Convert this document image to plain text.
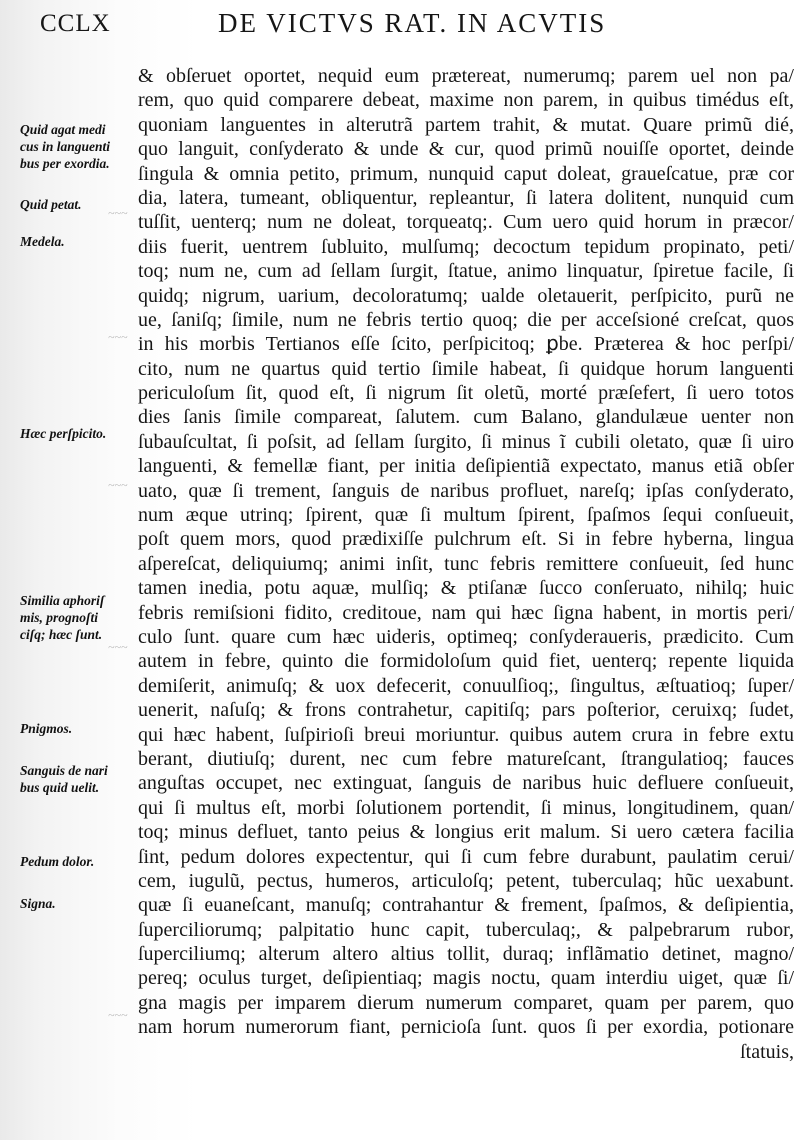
CCLX	DE VICTVS RAT. IN ACVTIS
~~~
~~~
~~~
~~~
~~~
Quid agat medi
cus in languenti
bus per exordia.
Quid petat.
Medela.
Hæc perſpicito.
Similia aphoriſ
mis, prognoſti
ciſq; hæc ſunt.
Pnigmos.
Sanguis de nari
bus quid uelit.
Pedum dolor.
Signa.
& obſeruet oportet, nequid eum prætereat, numerumq; parem uel non pa/
rem, quo quid comparere debeat, maxime non parem, in quibus timédus eſt,
quoniam languentes in alterutrã partem trahit, & mutat. Quare primũ dié,
quo languit, conſyderato & unde & cur, quod primũ nouiſſe oportet, deinde
ſingula & omnia petito, primum, nunquid caput doleat, graueſcatue, præ cor
dia, latera, tumeant, obliquentur, repleantur, ſi latera dolitent, nunquid cum
tuſſit, uenterq; num ne doleat, torqueatq;. Cum uero quid horum in præcor/
diis fuerit, uentrem ſubluito, mulſumq; decoctum tepidum propinato, peti/
toq; num ne, cum ad ſellam ſurgit, ſtatue, animo linquatur, ſpiretue facile, ſi
quidq; nigrum, uarium, decoloratumq; ualde oletauerit, perſpicito, purũ ne
ue, ſaniſq; ſimile, num ne febris tertio quoq; die per acceſsioné creſcat, quos
in his morbis Tertianos eſſe ſcito, perſpicitoq; ꝑbe. Præterea & hoc perſpi/
cito, num ne quartus quid tertio ſimile habeat, ſi quidque horum languenti
periculoſum ſit, quod eſt, ſi nigrum ſit oletũ, morté præſefert, ſi uero totos
dies ſanis ſimile compareat, ſalutem. cum Balano, glandulæue uenter non
ſubauſcultat, ſi poſsit, ad ſellam ſurgito, ſi minus ĩ cubili oletato, quæ ſi uiro
languenti, & femellæ fiant, per initia deſipientiã expectato, manus etiã obſer
uato, quæ ſi trement, ſanguis de naribus profluet, nareſq; ipſas conſyderato,
num æque utrinq; ſpirent, quæ ſi multum ſpirent, ſpaſmos ſequi conſueuit,
poſt quem mors, quod prædixiſſe pulchrum eſt. Si in febre hyberna, lingua
aſpereſcat, deliquiumq; animi inſit, tunc febris remittere conſueuit, ſed hunc
tamen inedia, potu aquæ, mulſiq; & ptiſanæ ſucco conſeruato, nihilq; huic
febris remiſsioni fidito, creditoue, nam qui hæc ſigna habent, in mortis peri/
culo ſunt. quare cum hæc uideris, optimeq; conſyderaueris, prædicito. Cum
autem in febre, quinto die formidoloſum quid fiet, uenterq; repente liquida
demiſerit, animuſq; & uox defecerit, conuulſioq;, ſingultus, æſtuatioq; ſuper/
uenerit, naſuſq; & frons contrahetur, capitiſq; pars poſterior, ceruixq; ſudet,
qui hæc habent, ſuſpirioſi breui moriuntur. quibus autem crura in febre extu
berant, diutiuſq; durent, nec cum febre matureſcant, ſtrangulatioq; fauces
anguſtas occupet, nec extinguat, ſanguis de naribus huic defluere conſueuit,
qui ſi multus eſt, morbi ſolutionem portendit, ſi minus, longitudinem, quan/
toq; minus defluet, tanto peius & longius erit malum. Si uero cætera facilia
ſint, pedum dolores expectentur, qui ſi cum febre durabunt, paulatim cerui/
cem, iugulũ, pectus, humeros, articuloſq; petent, tuberculaq; hũc uexabunt.
quæ ſi euaneſcant, manuſq; contrahantur & frement, ſpaſmos, & deſipientia,
ſuperciliorumq; palpitatio hunc capit, tuberculaq;, & palpebrarum rubor,
ſuperciliumq; alterum altero altius tollit, duraq; inflãmatio detinet, magno/
pereq; oculus turget, deſipientiaq; magis noctu, quam interdiu uiget, quæ ſi/
gna magis per imparem dierum numerum comparet, quam per parem, quo
nam horum numerorum fiant, pernicioſa ſunt. quos ſi per exordia, potionare
ſtatuis,
